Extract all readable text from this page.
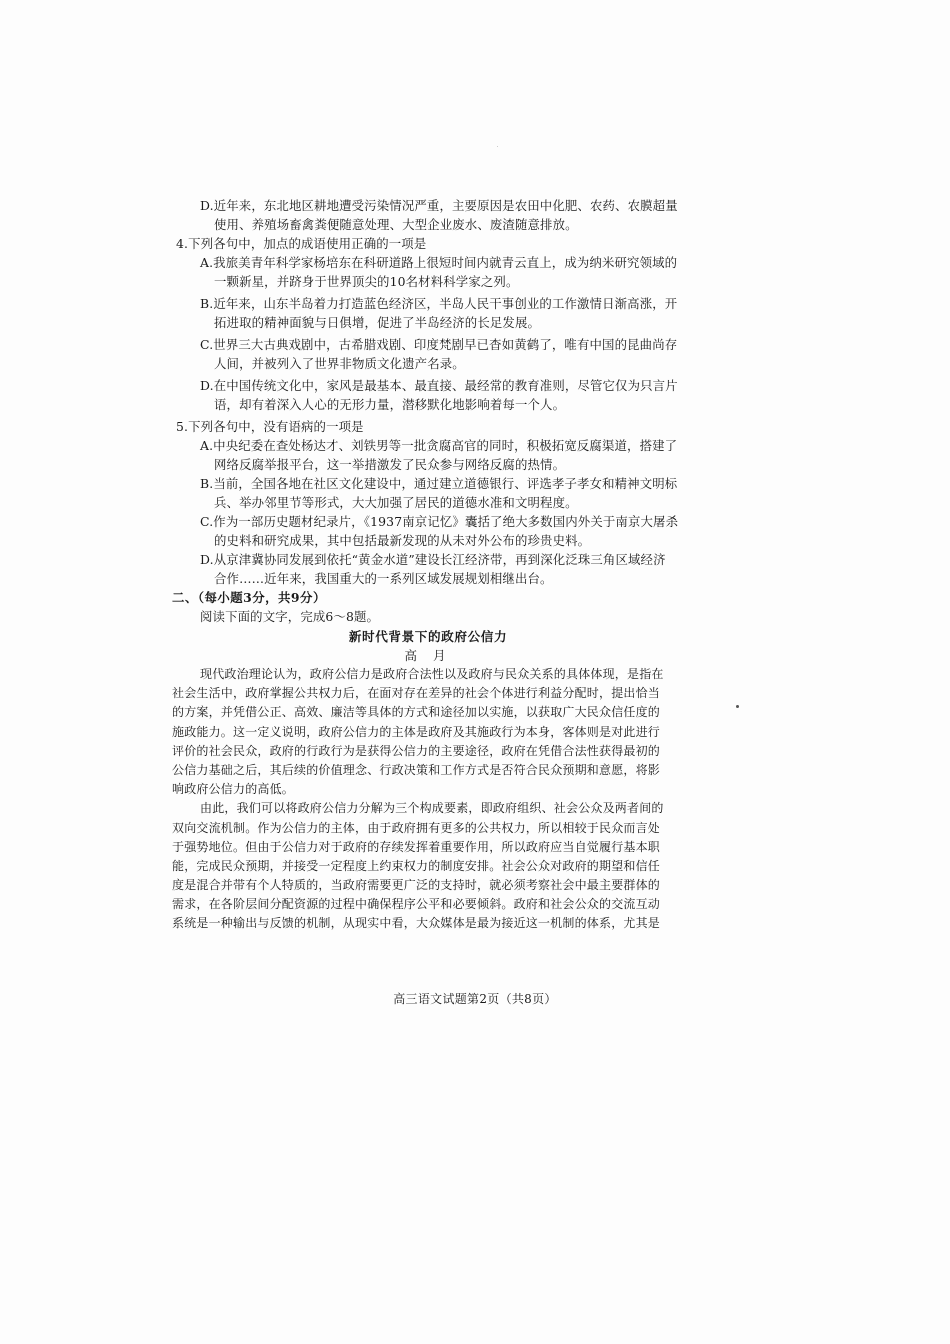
D.近年来，东北地区耕地遭受污染情况严重，主要原因是农田中化肥、农药、农膜超量
使用、养殖场畜禽粪便随意处理、大型企业废水、废渣随意排放。
4.下列各句中，加点的成语使用正确的一项是
A.我旅美青年科学家杨培东在科研道路上很短时间内就青云直上，成为纳米研究领域的
一颗新星，并跻身于世界顶尖的10名材料科学家之列。
B.近年来，山东半岛着力打造蓝色经济区，半岛人民干事创业的工作激情日渐高涨，开
拓进取的精神面貌与日俱增，促进了半岛经济的长足发展。
C.世界三大古典戏剧中，古希腊戏剧、印度梵剧早已杳如黄鹤了，唯有中国的昆曲尚存
人间，并被列入了世界非物质文化遗产名录。
D.在中国传统文化中，家风是最基本、最直接、最经常的教育准则，尽管它仅为只言片
语，却有着深入人心的无形力量，潜移默化地影响着每一个人。
5.下列各句中，没有语病的一项是
A.中央纪委在查处杨达才、刘铁男等一批贪腐高官的同时，积极拓宽反腐渠道，搭建了
网络反腐举报平台，这一举措激发了民众参与网络反腐的热情。
B.当前，全国各地在社区文化建设中，通过建立道德银行、评选孝子孝女和精神文明标
兵、举办邻里节等形式，大大加强了居民的道德水准和文明程度。
C.作为一部历史题材纪录片，《1937南京记忆》囊括了绝大多数国内外关于南京大屠杀
的史料和研究成果，其中包括最新发现的从未对外公布的珍贵史料。
D.从京津冀协同发展到依托“黄金水道”建设长江经济带，再到深化泛珠三角区域经济
合作……近年来，我国重大的一系列区域发展规划相继出台。
二、（每小题3分，共9分）
阅读下面的文字，完成6～8题。
新时代背景下的政府公信力
高 月
现代政治理论认为，政府公信力是政府合法性以及政府与民众关系的具体体现，是指在
社会生活中，政府掌握公共权力后，在面对存在差异的社会个体进行利益分配时，提出恰当
的方案，并凭借公正、高效、廉洁等具体的方式和途径加以实施，以获取广大民众信任度的
施政能力。这一定义说明，政府公信力的主体是政府及其施政行为本身，客体则是对此进行
评价的社会民众，政府的行政行为是获得公信力的主要途径，政府在凭借合法性获得最初的
公信力基础之后，其后续的价值理念、行政决策和工作方式是否符合民众预期和意愿，将影
响政府公信力的高低。
由此，我们可以将政府公信力分解为三个构成要素，即政府组织、社会公众及两者间的
双向交流机制。作为公信力的主体，由于政府拥有更多的公共权力，所以相较于民众而言处
于强势地位。但由于公信力对于政府的存续发挥着重要作用，所以政府应当自觉履行基本职
能，完成民众预期，并接受一定程度上约束权力的制度安排。社会公众对政府的期望和信任
度是混合并带有个人特质的，当政府需要更广泛的支持时，就必须考察社会中最主要群体的
需求，在各阶层间分配资源的过程中确保程序公平和必要倾斜。政府和社会公众的交流互动
系统是一种输出与反馈的机制，从现实中看，大众媒体是最为接近这一机制的体系，尤其是
高三语文试题第2页（共8页）
